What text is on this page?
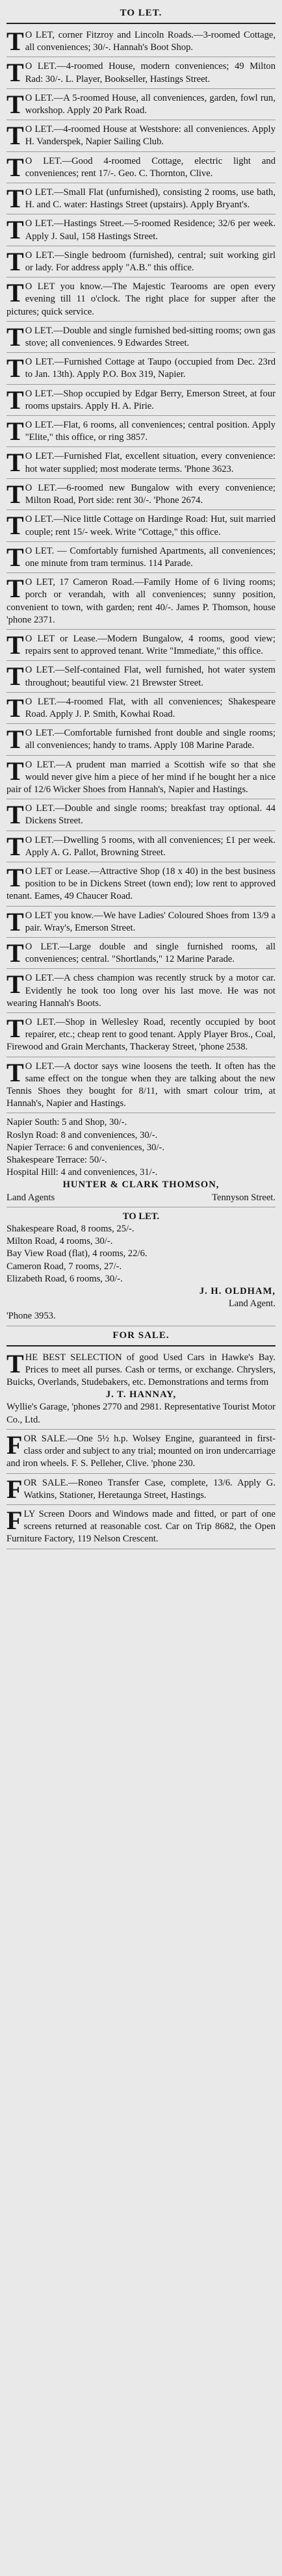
TO LET.
TO LET, corner Fitzroy and Lincoln Roads.—3-roomed Cottage, all conveniences; 30/-. Hannah's Boot Shop.
TO LET.—4-roomed House, modern conveniences; 49 Milton Rad: 30/-. L. Player, Bookseller, Hastings Street.
TO LET.—A 5-roomed House, all conveniences, garden, fowl run, workshop. Apply 20 Park Road.
TO LET.—4-roomed House at Westshore: all conveniences. Apply H. Vanderspek, Napier Sailing Club.
TO LET.—Good 4-roomed Cottage, electric light and conveniences; rent 17/-. Geo. C. Thornton, Clive.
TO LET.—Small Flat (unfurnished), consisting 2 rooms, use bath, H. and C. water: Hastings Street (upstairs). Apply Bryant's.
TO LET.—Hastings Street.—5-roomed Residence; 32/6 per week. Apply J. Saul, 158 Hastings Street.
TO LET.—Single bedroom (furnished), central; suit working girl or lady. For address apply "A.B." this office.
TO LET you know.—The Majestic Tearooms are open every evening till 11 o'clock. The right place for supper after the pictures; quick service.
TO LET.—Double and single furnished bed-sitting rooms; own gas stove; all conveniences. 9 Edwardes Street.
TO LET.—Furnished Cottage at Taupo (occupied from Dec. 23rd to Jan. 13th). Apply P.O. Box 319, Napier.
TO LET.—Shop occupied by Edgar Berry, Emerson Street, at four rooms upstairs. Apply H. A. Pirie.
TO LET.—Flat, 6 rooms, all conveniences; central position. Apply "Elite," this office, or ring 3857.
TO LET.—Furnished Flat, excellent situation, every convenience: hot water supplied; most moderate terms. 'Phone 3623.
TO LET.—6-roomed new Bungalow with every convenience; Milton Road, Port side: rent 30/-. 'Phone 2674.
TO LET.—Nice little Cottage on Hardinge Road: Hut, suit married couple; rent 15/- week. Write "Cottage," this office.
TO LET. — Comfortably furnished Apartments, all conveniences; one minute from tram terminus. 114 Parade.
TO LET, 17 Cameron Road.—Family Home of 6 living rooms; porch or verandah, with all conveniences; sunny position, convenient to town, with garden; rent 40/-. James P. Thomson, house 'phone 2371.
TO LET or Lease.—Modern Bungalow, 4 rooms, good view; repairs sent to approved tenant. Write "Immediate," this office.
TO LET.—Self-contained Flat, well furnished, hot water system throughout; beautiful view. 21 Brewster Street.
TO LET.—4-roomed Flat, with all conveniences; Shakespeare Road. Apply J. P. Smith, Kowhai Road.
TO LET.—Comfortable furnished front double and single rooms; all conveniences; handy to trams. Apply 108 Marine Parade.
TO LET.—A prudent man married a Scottish wife so that she would never give him a piece of her mind if he bought her a nice pair of 12/6 Wicker Shoes from Hannah's, Napier and Hastings.
TO LET.—Double and single rooms; breakfast tray optional. 44 Dickens Street.
TO LET.—Dwelling 5 rooms, with all conveniences; £1 per week. Apply A. G. Pallot, Browning Street.
TO LET or Lease.—Attractive Shop (18 x 40) in the best business position to be in Dickens Street (town end); low rent to approved tenant. Eames, 49 Chaucer Road.
TO LET you know.—We have Ladies' Coloured Shoes from 13/9 a pair. Wray's, Emerson Street.
TO LET.—Large double and single furnished rooms, all conveniences; central. "Shortlands," 12 Marine Parade.
TO LET.—A chess champion was recently struck by a motor car. Evidently he took too long over his last move. He was not wearing Hannah's Boots.
TO LET.—Shop in Wellesley Road, recently occupied by boot repairer, etc.; cheap rent to good tenant. Apply Player Bros., Coal, Firewood and Grain Merchants, Thackeray Street, 'phone 2538.
TO LET.—A doctor says wine loosens the teeth. It often has the same effect on the tongue when they are talking about the new Tennis Shoes they bought for 8/11, with smart colour trim, at Hannah's, Napier and Hastings.
Napier South: 5 and Shop, 30/-.
Roslyn Road: 8 and conveniences, 30/-.
Napier Terrace: 6 and conveniences, 30/-.
Shakespeare Terrace: 50/-.
Hospital Hill: 4 and conveniences, 31/-.
HUNTER & CLARK THOMSON,
Land Agents	Tennyson Street.
TO LET.
Shakespeare Road, 8 rooms, 25/-.
Milton Road, 4 rooms, 30/-.
Bay View Road (flat), 4 rooms, 22/6.
Cameron Road, 7 rooms, 27/-.
Elizabeth Road, 6 rooms, 30/-.
J. H. OLDHAM,
Land Agent.
'Phone 3953.
FOR SALE.
THE BEST SELECTION of good Used Cars in Hawke's Bay. Prices to meet all purses. Cash or terms, or exchange. Chryslers, Buicks, Overlands, Studebakers, etc. Demonstrations and terms from
J. T. HANNAY,
Wyllie's Garage, 'phones 2770 and 2981. Representative Tourist Motor Co., Ltd.
FOR SALE.—One 5½ h.p. Wolsey Engine, guaranteed in first-class order and subject to any trial; mounted on iron undercarriage and iron wheels. F. S. Pelleher, Clive. 'phone 230.
FOR SALE.—Roneo Transfer Case, complete, 13/6. Apply G. Watkins, Stationer, Heretaunga Street, Hastings.
FLY Screen Doors and Windows made and fitted, or part of one screens returned at reasonable cost. Car on Trip 8682, the Open Furniture Factory, 119 Nelson Crescent.
